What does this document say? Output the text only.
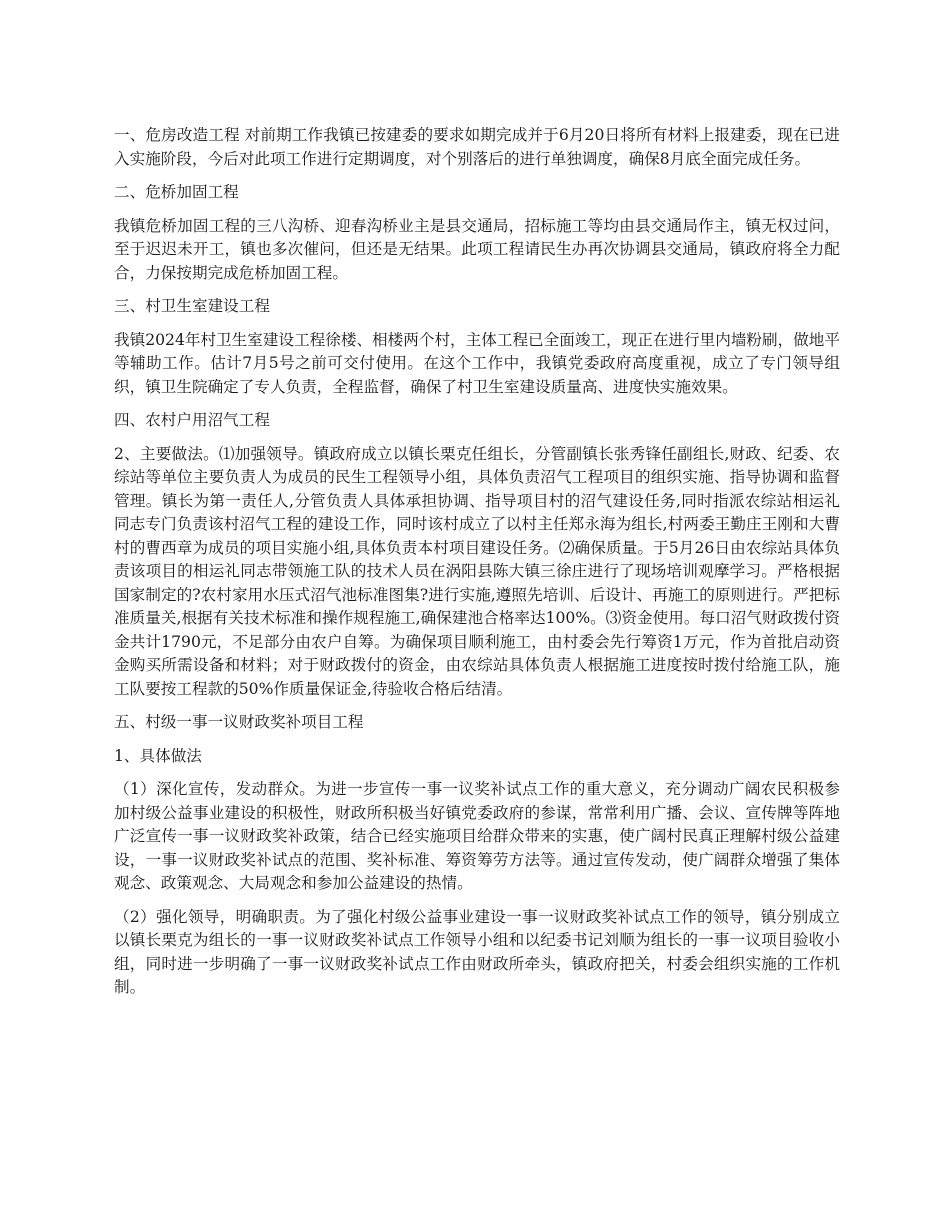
一、危房改造工程 对前期工作我镇已按建委的要求如期完成并于6月20日将所有材料上报建委，现在已进入实施阶段，今后对此项工作进行定期调度，对个别落后的进行单独调度，确保8月底全面完成任务。

二、危桥加固工程

我镇危桥加固工程的三八沟桥、迎春沟桥业主是县交通局，招标施工等均由县交通局作主，镇无权过问，至于迟迟未开工，镇也多次催问，但还是无结果。此项工程请民生办再次协调县交通局，镇政府将全力配合，力保按期完成危桥加固工程。

三、村卫生室建设工程

我镇2024年村卫生室建设工程徐楼、相楼两个村，主体工程已全面竣工，现正在进行里内墙粉刷，做地平等辅助工作。估计7月5号之前可交付使用。在这个工作中，我镇党委政府高度重视，成立了专门领导组织，镇卫生院确定了专人负责，全程监督，确保了村卫生室建设质量高、进度快实施效果。

四、农村户用沼气工程

2、主要做法。⑴加强领导。镇政府成立以镇长栗克任组长，分管副镇长张秀锋任副组长,财政、纪委、农综站等单位主要负责人为成员的民生工程领导小组，具体负责沼气工程项目的组织实施、指导协调和监督管理。镇长为第一责任人,分管负责人具体承担协调、指导项目村的沼气建设任务,同时指派农综站相运礼同志专门负责该村沼气工程的建设工作，同时该村成立了以村主任郑永海为组长,村两委王勤庄王刚和大曹村的曹西章为成员的项目实施小组,具体负责本村项目建设任务。⑵确保质量。于5月26日由农综站具体负责该项目的相运礼同志带领施工队的技术人员在涡阳县陈大镇三徐庄进行了现场培训观摩学习。严格根据国家制定的?农村家用水压式沼气池标准图集?进行实施,遵照先培训、后设计、再施工的原则进行。严把标准质量关,根据有关技术标准和操作规程施工,确保建池合格率达100%。⑶资金使用。每口沼气财政拨付资金共计1790元，不足部分由农户自筹。为确保项目顺利施工，由村委会先行筹资1万元，作为首批启动资金购买所需设备和材料；对于财政拨付的资金，由农综站具体负责人根据施工进度按时拨付给施工队，施工队要按工程款的50%作质量保证金,待验收合格后结清。

五、村级一事一议财政奖补项目工程

1、具体做法

（1）深化宣传，发动群众。为进一步宣传一事一议奖补试点工作的重大意义，充分调动广阔农民积极参加村级公益事业建设的积极性，财政所积极当好镇党委政府的参谋，常常利用广播、会议、宣传牌等阵地广泛宣传一事一议财政奖补政策，结合已经实施项目给群众带来的实惠，使广阔村民真正理解村级公益建设，一事一议财政奖补试点的范围、奖补标准、筹资筹劳方法等。通过宣传发动，使广阔群众增强了集体观念、政策观念、大局观念和参加公益建设的热情。

（2）强化领导，明确职责。为了强化村级公益事业建设一事一议财政奖补试点工作的领导，镇分别成立以镇长栗克为组长的一事一议财政奖补试点工作领导小组和以纪委书记刘顺为组长的一事一议项目验收小组，同时进一步明确了一事一议财政奖补试点工作由财政所牵头，镇政府把关，村委会组织实施的工作机制。
